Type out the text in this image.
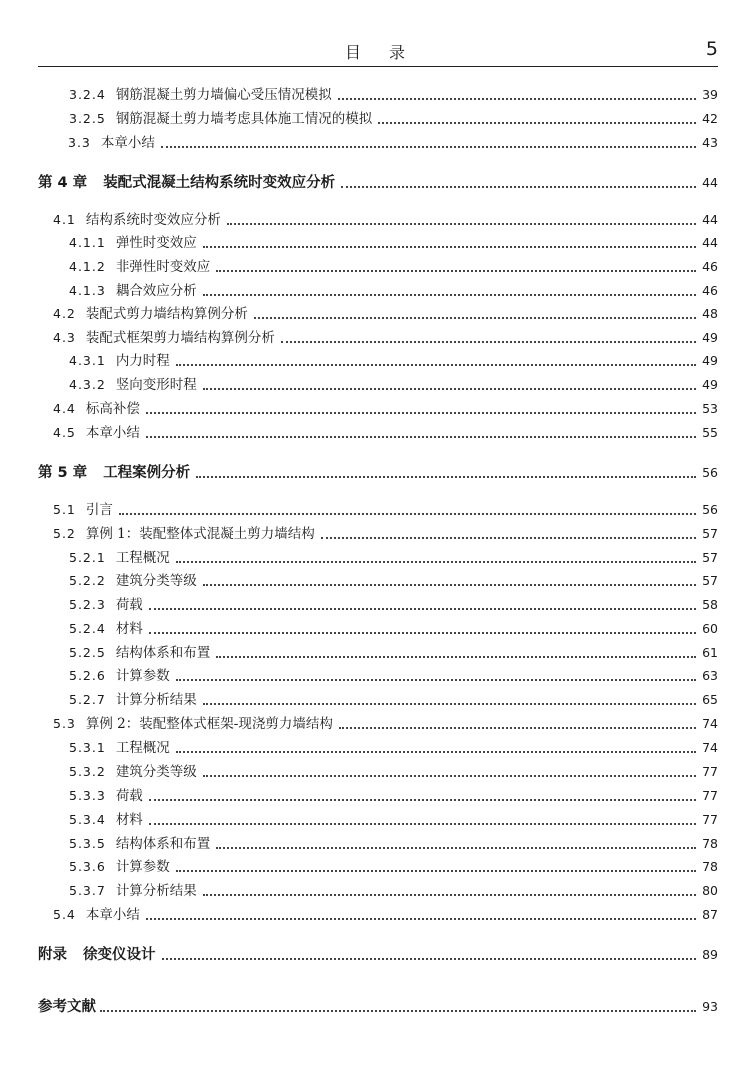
目　录	5
3.2.4 钢筋混凝土剪力墙偏心受压情况模拟	39
3.2.5 钢筋混凝土剪力墙考虑具体施工情况的模拟	42
3.3 本章小结	43
第 4 章 装配式混凝土结构系统时变效应分析	44
4.1 结构系统时变效应分析	44
4.1.1 弹性时变效应	44
4.1.2 非弹性时变效应	46
4.1.3 耦合效应分析	46
4.2 装配式剪力墙结构算例分析	48
4.3 装配式框架剪力墙结构算例分析	49
4.3.1 内力时程	49
4.3.2 竖向变形时程	49
4.4 标高补偿	53
4.5 本章小结	55
第 5 章 工程案例分析	56
5.1 引言	56
5.2 算例 1：装配整体式混凝土剪力墙结构	57
5.2.1 工程概况	57
5.2.2 建筑分类等级	57
5.2.3 荷载	58
5.2.4 材料	60
5.2.5 结构体系和布置	61
5.2.6 计算参数	63
5.2.7 计算分析结果	65
5.3 算例 2：装配整体式框架-现浇剪力墙结构	74
5.3.1 工程概况	74
5.3.2 建筑分类等级	77
5.3.3 荷载	77
5.3.4 材料	77
5.3.5 结构体系和布置	78
5.3.6 计算参数	78
5.3.7 计算分析结果	80
5.4 本章小结	87
附录 徐变仪设计	89
参考文献	93
